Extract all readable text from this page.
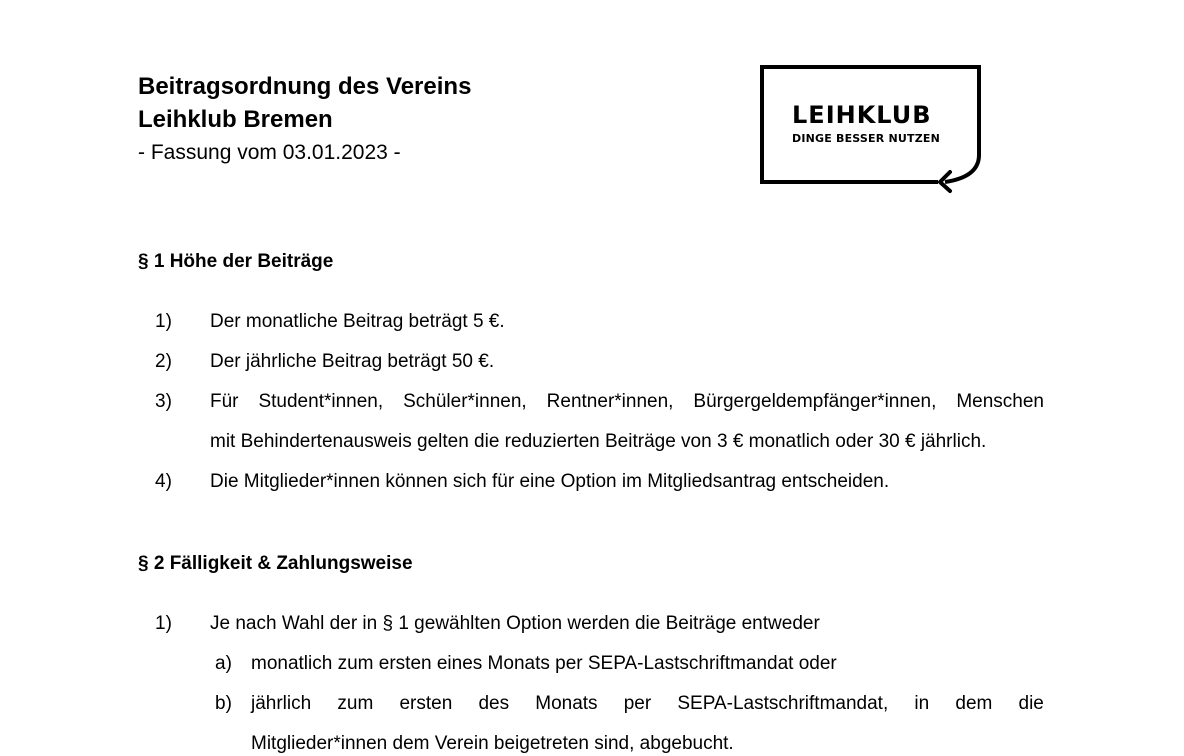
Beitragsordnung des Vereins
Leihklub Bremen
- Fassung vom 03.01.2023 -
LEIHKLUB
DINGE BESSER NUTZEN
§ 1 Höhe der Beiträge
1) Der monatliche Beitrag beträgt 5 €.
2) Der jährliche Beitrag beträgt 50 €.
3) Für Student*innen, Schüler*innen, Rentner*innen, Bürgergeldempfänger*innen, Menschen
mit Behindertenausweis gelten die reduzierten Beiträge von 3 € monatlich oder 30 € jährlich.
4) Die Mitglieder*innen können sich für eine Option im Mitgliedsantrag entscheiden.
§ 2 Fälligkeit & Zahlungsweise
1) Je nach Wahl der in § 1 gewählten Option werden die Beiträge entweder
a) monatlich zum ersten eines Monats per SEPA-Lastschriftmandat oder
b) jährlich zum ersten des Monats per SEPA-Lastschriftmandat, in dem die
Mitglieder*innen dem Verein beigetreten sind, abgebucht.
